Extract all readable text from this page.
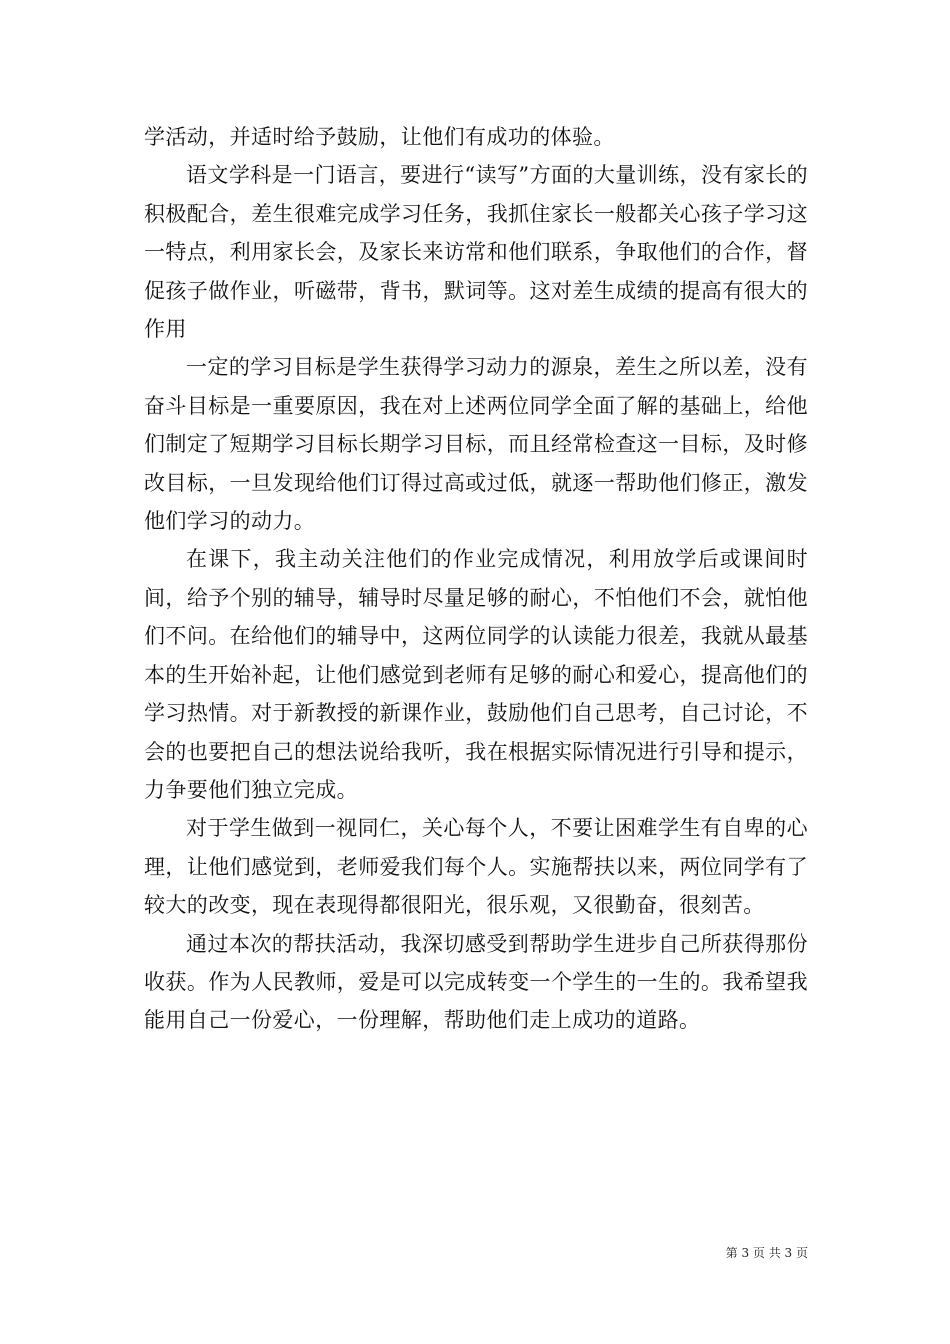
学活动，并适时给予鼓励，让他们有成功的体验。

语文学科是一门语言，要进行“读写”方面的大量训练，没有家长的积极配合，差生很难完成学习任务，我抓住家长一般都关心孩子学习这一特点，利用家长会，及家长来访常和他们联系，争取他们的合作，督促孩子做作业，听磁带，背书，默词等。这对差生成绩的提高有很大的作用

一定的学习目标是学生获得学习动力的源泉，差生之所以差，没有奋斗目标是一重要原因，我在对上述两位同学全面了解的基础上，给他们制定了短期学习目标长期学习目标，而且经常检查这一目标，及时修改目标，一旦发现给他们订得过高或过低，就逐一帮助他们修正，激发他们学习的动力。

在课下，我主动关注他们的作业完成情况，利用放学后或课间时间，给予个别的辅导，辅导时尽量足够的耐心，不怕他们不会，就怕他们不问。在给他们的辅导中，这两位同学的认读能力很差，我就从最基本的生开始补起，让他们感觉到老师有足够的耐心和爱心，提高他们的学习热情。对于新教授的新课作业，鼓励他们自己思考，自己讨论，不会的也要把自己的想法说给我听，我在根据实际情况进行引导和提示，力争要他们独立完成。

对于学生做到一视同仁，关心每个人，不要让困难学生有自卑的心理，让他们感觉到，老师爱我们每个人。实施帮扶以来，两位同学有了较大的改变，现在表现得都很阳光，很乐观，又很勤奋，很刻苦。

通过本次的帮扶活动，我深切感受到帮助学生进步自己所获得那份收获。作为人民教师，爱是可以完成转变一个学生的一生的。我希望我能用自己一份爱心，一份理解，帮助他们走上成功的道路。

第 3 页 共 3 页
